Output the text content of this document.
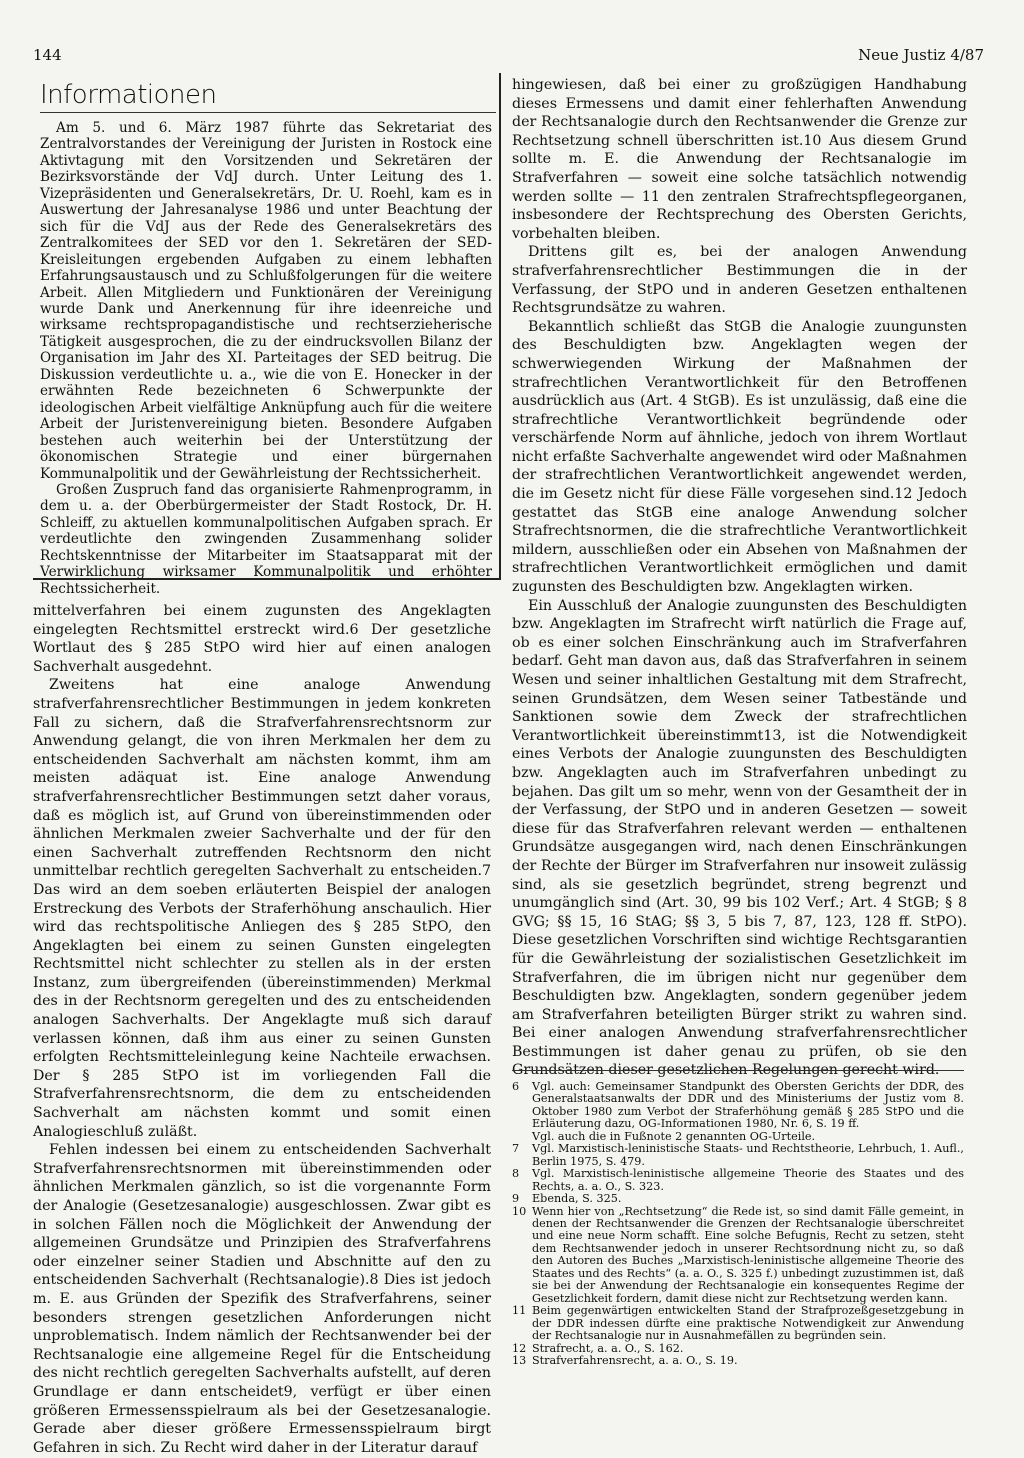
144	Neue Justiz 4/87
Informationen

Am 5. und 6. März 1987 führte das Sekretariat des Zentralvorstandes der Vereinigung der Juristen in Rostock eine Aktivtagung mit den Vorsitzenden und Sekretären der Bezirksvorstände der VdJ durch. Unter Leitung des 1. Vizepräsidenten und Generalsekretärs, Dr. U. Roehl, kam es in Auswertung der Jahresanalyse 1986 und unter Beachtung der sich für die VdJ aus der Rede des Generalsekretärs des Zentralkomitees der SED vor den 1. Sekretären der SED-Kreisleitungen ergebenden Aufgaben zu einem lebhaften Erfahrungsaustausch und zu Schlußfolgerungen für die weitere Arbeit. Allen Mitgliedern und Funktionären der Vereinigung wurde Dank und Anerkennung für ihre ideenreiche und wirksame rechtspropagandistische und rechtserzieherische Tätigkeit ausgesprochen, die zu der eindrucksvollen Bilanz der Organisation im Jahr des XI. Parteitages der SED beitrug. Die Diskussion verdeutlichte u. a., wie die von E. Honecker in der erwähnten Rede bezeichneten 6 Schwerpunkte der ideologischen Arbeit vielfältige Anknüpfung auch für die weitere Arbeit der Juristenvereinigung bieten. Besondere Aufgaben bestehen auch weiterhin bei der Unterstützung der ökonomischen Strategie und einer bürgernahen Kommunalpolitik und der Gewährleistung der Rechtssicherheit.

Großen Zuspruch fand das organisierte Rahmenprogramm, in dem u. a. der Oberbürgermeister der Stadt Rostock, Dr. H. Schleiff, zu aktuellen kommunalpolitischen Aufgaben sprach. Er verdeutlichte den zwingenden Zusammenhang solider Rechtskenntnisse der Mitarbeiter im Staatsapparat mit der Verwirklichung wirksamer Kommunalpolitik und erhöhter Rechtssicherheit.

mittelverfahren bei einem zugunsten des Angeklagten eingelegten Rechtsmittel erstreckt wird.6 Der gesetzliche Wortlaut des § 285 StPO wird hier auf einen analogen Sachverhalt ausgedehnt.

Zweitens hat eine analoge Anwendung strafverfahrensrechtlicher Bestimmungen in jedem konkreten Fall zu sichern, daß die Strafverfahrensrechtsnorm zur Anwendung gelangt, die von ihren Merkmalen her dem zu entscheidenden Sachverhalt am nächsten kommt, ihm am meisten adäquat ist. Eine analoge Anwendung strafverfahrensrechtlicher Bestimmungen setzt daher voraus, daß es möglich ist, auf Grund von übereinstimmenden oder ähnlichen Merkmalen zweier Sachverhalte und der für den einen Sachverhalt zutreffenden Rechtsnorm den nicht unmittelbar rechtlich geregelten Sachverhalt zu entscheiden.7 Das wird an dem soeben erläuterten Beispiel der analogen Erstreckung des Verbots der Straferhöhung anschaulich. Hier wird das rechtspolitische Anliegen des § 285 StPO, den Angeklagten bei einem zu seinen Gunsten eingelegten Rechtsmittel nicht schlechter zu stellen als in der ersten Instanz, zum übergreifenden (übereinstimmenden) Merkmal des in der Rechtsnorm geregelten und des zu entscheidenden analogen Sachverhalts. Der Angeklagte muß sich darauf verlassen können, daß ihm aus einer zu seinen Gunsten erfolgten Rechtsmitteleinlegung keine Nachteile erwachsen. Der § 285 StPO ist im vorliegenden Fall die Strafverfahrensrechtsnorm, die dem zu entscheidenden Sachverhalt am nächsten kommt und somit einen Analogieschluß zuläßt.

Fehlen indessen bei einem zu entscheidenden Sachverhalt Strafverfahrensrechtsnormen mit übereinstimmenden oder ähnlichen Merkmalen gänzlich, so ist die vorgenannte Form der Analogie (Gesetzesanalogie) ausgeschlossen. Zwar gibt es in solchen Fällen noch die Möglichkeit der Anwendung der allgemeinen Grundsätze und Prinzipien des Strafverfahrens oder einzelner seiner Stadien und Abschnitte auf den zu entscheidenden Sachverhalt (Rechtsanalogie).8 Dies ist jedoch m. E. aus Gründen der Spezifik des Strafverfahrens, seiner besonders strengen gesetzlichen Anforderungen nicht unproblematisch. Indem nämlich der Rechtsanwender bei der Rechtsanalogie eine allgemeine Regel für die Entscheidung des nicht rechtlich geregelten Sachverhalts aufstellt, auf deren Grundlage er dann entscheidet9, verfügt er über einen größeren Ermessensspielraum als bei der Gesetzesanalogie. Gerade aber dieser größere Ermessensspielraum birgt Gefahren in sich. Zu Recht wird daher in der Literatur darauf

hingewiesen, daß bei einer zu großzügigen Handhabung dieses Ermessens und damit einer fehlerhaften Anwendung der Rechtsanalogie durch den Rechtsanwender die Grenze zur Rechtsetzung schnell überschritten ist.10 Aus diesem Grund sollte m. E. die Anwendung der Rechtsanalogie im Strafverfahren — soweit eine solche tatsächlich notwendig werden sollte — 11 den zentralen Strafrechtspflegeorganen, insbesondere der Rechtsprechung des Obersten Gerichts, vorbehalten bleiben.

Drittens gilt es, bei der analogen Anwendung strafverfahrensrechtlicher Bestimmungen die in der Verfassung, der StPO und in anderen Gesetzen enthaltenen Rechtsgrundsätze zu wahren.

Bekanntlich schließt das StGB die Analogie zuungunsten des Beschuldigten bzw. Angeklagten wegen der schwerwiegenden Wirkung der Maßnahmen der strafrechtlichen Verantwortlichkeit für den Betroffenen ausdrücklich aus (Art. 4 StGB). Es ist unzulässig, daß eine die strafrechtliche Verantwortlichkeit begründende oder verschärfende Norm auf ähnliche, jedoch von ihrem Wortlaut nicht erfaßte Sachverhalte angewendet wird oder Maßnahmen der strafrechtlichen Verantwortlichkeit angewendet werden, die im Gesetz nicht für diese Fälle vorgesehen sind.12 Jedoch gestattet das StGB eine analoge Anwendung solcher Strafrechtsnormen, die die strafrechtliche Verantwortlichkeit mildern, ausschließen oder ein Absehen von Maßnahmen der strafrechtlichen Verantwortlichkeit ermöglichen und damit zugunsten des Beschuldigten bzw. Angeklagten wirken.

Ein Ausschluß der Analogie zuungunsten des Beschuldigten bzw. Angeklagten im Strafrecht wirft natürlich die Frage auf, ob es einer solchen Einschränkung auch im Strafverfahren bedarf. Geht man davon aus, daß das Strafverfahren in seinem Wesen und seiner inhaltlichen Gestaltung mit dem Strafrecht, seinen Grundsätzen, dem Wesen seiner Tatbestände und Sanktionen sowie dem Zweck der strafrechtlichen Verantwortlichkeit übereinstimmt13, ist die Notwendigkeit eines Verbots der Analogie zuungunsten des Beschuldigten bzw. Angeklagten auch im Strafverfahren unbedingt zu bejahen. Das gilt um so mehr, wenn von der Gesamtheit der in der Verfassung, der StPO und in anderen Gesetzen — soweit diese für das Strafverfahren relevant werden — enthaltenen Grundsätze ausgegangen wird, nach denen Einschränkungen der Rechte der Bürger im Strafverfahren nur insoweit zulässig sind, als sie gesetzlich begründet, streng begrenzt und unumgänglich sind (Art. 30, 99 bis 102 Verf.; Art. 4 StGB; § 8 GVG; §§ 15, 16 StAG; §§ 3, 5 bis 7, 87, 123, 128 ff. StPO). Diese gesetzlichen Vorschriften sind wichtige Rechtsgarantien für die Gewährleistung der sozialistischen Gesetzlichkeit im Strafverfahren, die im übrigen nicht nur gegenüber dem Beschuldigten bzw. Angeklagten, sondern gegenüber jedem am Strafverfahren beteiligten Bürger strikt zu wahren sind. Bei einer analogen Anwendung strafverfahrensrechtlicher Bestimmungen ist daher genau zu prüfen, ob sie den Grundsätzen dieser gesetzlichen Regelungen gerecht wird.

6	Vgl. auch: Gemeinsamer Standpunkt des Obersten Gerichts der DDR, des Generalstaatsanwalts der DDR und des Ministeriums der Justiz vom 8. Oktober 1980 zum Verbot der Straferhöhung gemäß § 285 StPO und die Erläuterung dazu, OG-Informationen 1980, Nr. 6, S. 19 ff.
Vgl. auch die in Fußnote 2 genannten OG-Urteile.
7	Vgl. Marxistisch-leninistische Staats- und Rechtstheorie, Lehrbuch, 1. Aufl., Berlin 1975, S. 479.
8	Vgl. Marxistisch-leninistische allgemeine Theorie des Staates und des Rechts, a. a. O., S. 323.
9	Ebenda, S. 325.
10 Wenn hier von „Rechtsetzung“ die Rede ist, so sind damit Fälle gemeint, in denen der Rechtsanwender die Grenzen der Rechtsanalogie überschreitet und eine neue Norm schafft. Eine solche Befugnis, Recht zu setzen, steht dem Rechtsanwender jedoch in unserer Rechtsordnung nicht zu, so daß den Autoren des Buches „Marxistisch-leninistische allgemeine Theorie des Staates und des Rechts“ (a. a. O., S. 325 f.) unbedingt zuzustimmen ist, daß sie bei der Anwendung der Rechtsanalogie ein konsequentes Regime der Gesetzlichkeit fordern, damit diese nicht zur Rechtsetzung werden kann.
11 Beim gegenwärtigen entwickelten Stand der Strafprozeßgesetzgebung in der DDR indessen dürfte eine praktische Notwendigkeit zur Anwendung der Rechtsanalogie nur in Ausnahmefällen zu begründen sein.
12 Strafrecht, a. a. O., S. 162.
13 Strafverfahrensrecht, a. a. O., S. 19.
